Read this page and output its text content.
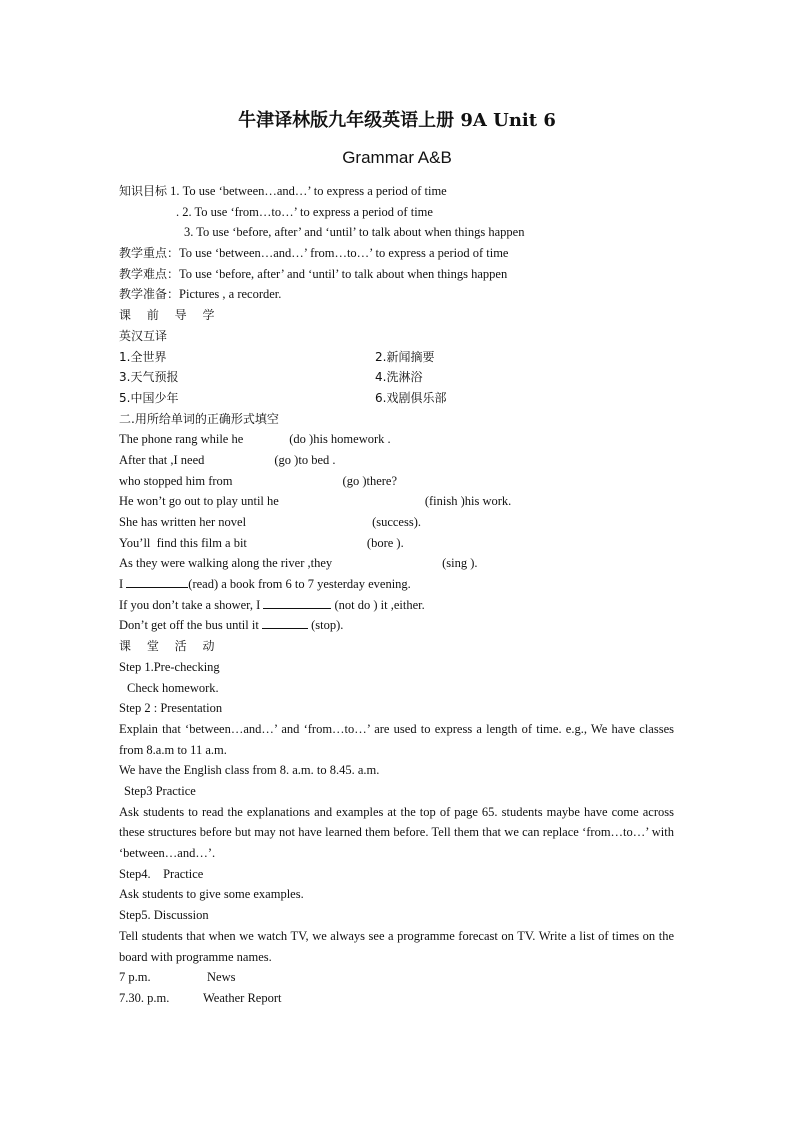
牛津译林版九年级英语上册 9A Unit 6
Grammar A&B
知识目标 1. To use ‘between…and…’ to express a period of time
. 2. To use ‘from…to…’ to express a period of time
3. To use ‘before, after’ and ‘until’ to talk about when things happen
教学重点：To use ‘between…and…’ from…to…’ to express a period of time
教学难点：To use ‘before, after’ and ‘until’ to talk about when things happen
教学准备：Pictures , a recorder.
课 前 导 学
英汉互译
1.全世界	2.新闻摘要
3.天气预报	4.洗淋浴
5.中国少年	6.戏剧俱乐部
二.用所给单词的正确形式填空
The phone rang while he	(do )his homework .
After that ,I need	(go )to bed .
who stopped him from	(go )there?
He won’t go out to play until he	(finish )his work.
She has written her novel	(success).
You’ll  find this film a bit	(bore ).
As they were walking along the river ,they	(sing ).
I	(read) a book from 6 to 7 yesterday evening.
If you don’t take a shower, I	(not do ) it ,either.
Don’t get off the bus until it	(stop).
课 堂 活 动
Step 1.Pre-checking
Check homework.
Step 2 : Presentation
Explain that ‘between…and…’ and ‘from…to…’ are used to express a length of time. e.g., We have classes from 8.a.m to 11 a.m.
We have the English class from 8. a.m. to 8.45. a.m.
Step3 Practice
Ask students to read the explanations and examples at the top of page 65. students maybe have come across these structures before but may not have learned them before. Tell them that we can replace ‘from…to…’ with ‘between…and…’.
Step4.    Practice
Ask students to give some examples.
Step5. Discussion
Tell students that when we watch TV, we always see a programme forecast on TV. Write a list of times on the board with programme names.
7 p.m.	News
7.30. p.m.	Weather Report
